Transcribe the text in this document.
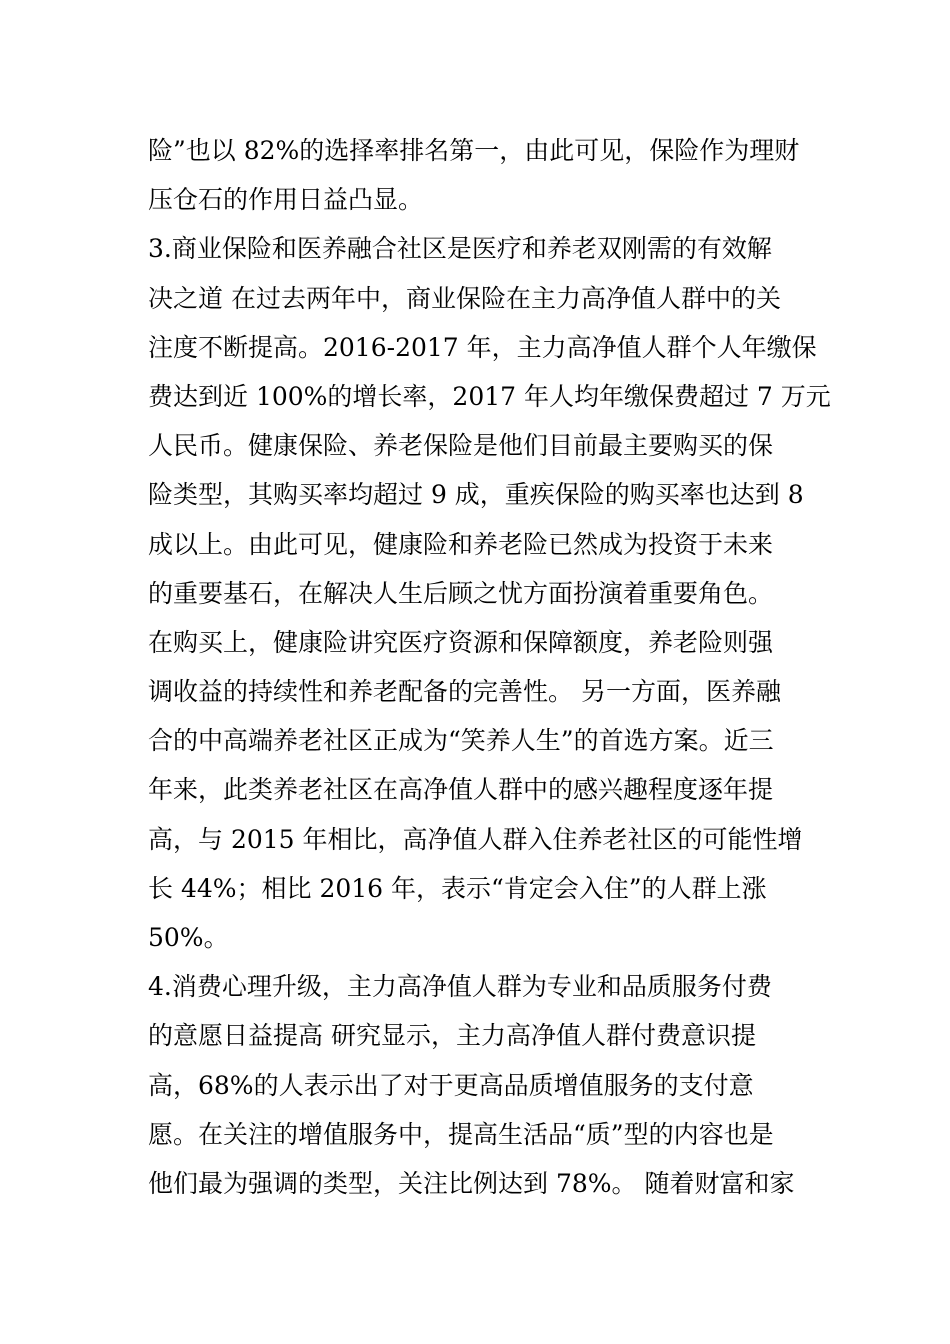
险”也以 82%的选择率排名第一，由此可见，保险作为理财
压仓石的作用日益凸显。
3.商业保险和医养融合社区是医疗和养老双刚需的有效解
决之道 在过去两年中，商业保险在主力高净值人群中的关
注度不断提高。2016-2017 年，主力高净值人群个人年缴保
费达到近 100%的增长率，2017 年人均年缴保费超过 7 万元
人民币。健康保险、养老保险是他们目前最主要购买的保
险类型，其购买率均超过 9 成，重疾保险的购买率也达到 8
成以上。由此可见，健康险和养老险已然成为投资于未来
的重要基石，在解决人生后顾之忧方面扮演着重要角色。
在购买上，健康险讲究医疗资源和保障额度，养老险则强
调收益的持续性和养老配备的完善性。 另一方面，医养融
合的中高端养老社区正成为“笑养人生”的首选方案。近三
年来，此类养老社区在高净值人群中的感兴趣程度逐年提
高，与 2015 年相比，高净值人群入住养老社区的可能性增
长 44%；相比 2016 年，表示“肯定会入住”的人群上涨
50%。
4.消费心理升级，主力高净值人群为专业和品质服务付费
的意愿日益提高 研究显示，主力高净值人群付费意识提
高，68%的人表示出了对于更高品质增值服务的支付意
愿。在关注的增值服务中，提高生活品“质”型的内容也是
他们最为强调的类型，关注比例达到 78%。 随着财富和家
